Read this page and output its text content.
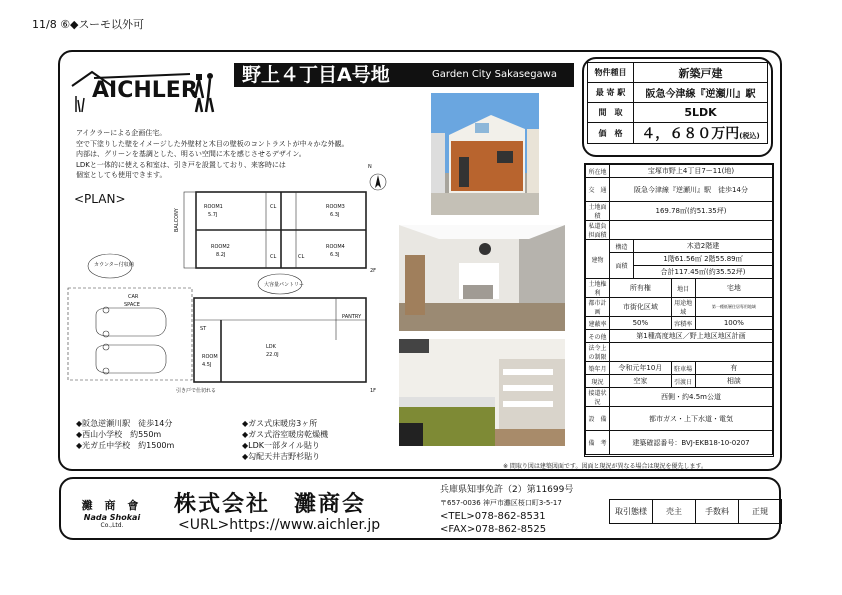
11/8 ⑥◆スーモ以外可
AICHLER
野上４丁目A号地	Garden City Sakasegawa
アイクラーによる企画住宅。
空で下塗りした壁をイメージした外壁材と木目の壁板のコントラストが中々かな外観。
内部は、グリーンを基調とした、明るい空間に木を感じさせるデザイン。
LDKと一体的に使える和室は、引き戸を設置しており、来客時には
個室としても使用できます。
<PLAN>
N
ROOM1
5.7J
ROOM3
6.3J
ROOM2
8.2J
ROOM4
6.3J
CL
CL	CL
BALCONY
2F
LDK
22.0J
ROOM
4.5J
PANTRY
ST
1F
CAR
SPACE
カウンター付収納
大容量パントリー
引き戸で仕切れる
物件種目	新築戸建
最 寄 駅	阪急今津線『逆瀬川』駅
間　取	5LDK
価　格	４，６８０万円(税込)
所在地	宝塚市野上4丁目7ー11(地)			
交　通	阪急今津線『逆瀬川』駅　徒歩14分			
土地面積	169.78㎡(約51.35坪)			
私道負担面積				
建物	構造	木造2階建		
	面積	1階61.56㎡ 2階55.89㎡		
		合計117.45㎡(約35.52坪)		
土地権利	所有権		地目	宅地
都市計画	市街化区域		用途地域	第一種低層住居専用地域
建蔽率	50%		容積率	100%
その他	第1種高度地区／野上地区地区計画			
法令上の制限				
築年月	令和元年10月		駐車場	有
現況	空家		引渡日	相談
接道状況	西側・約4.5m公道			
設　備	都市ガス・上下水道・電気			
備　考	建築確認番号：BVJ-EKB18-10-0207			
◆阪急逆瀬川駅　徒歩14分
◆西山小学校　約550m
◆光ガ丘中学校　約1500m
◆ガス式床暖房3ヶ所
◆ガス式浴室暖房乾燥機
◆LDK一部タイル貼り
◆勾配天井吉野杉貼り
※ 間取り図は建築図面です。図面と現況が異なる場合は現況を優先します。
灘 商 會
Nada Shokai
Co.,Ltd.
株式会社　灘商会
<URL>https://www.aichler.jp
兵庫県知事免許（2）第11699号
〒657-0036 神戸市灘区桜口町3-5-17
<TEL>078-862-8531
<FAX>078-862-8525
取引態様	売主	手数料	正規
